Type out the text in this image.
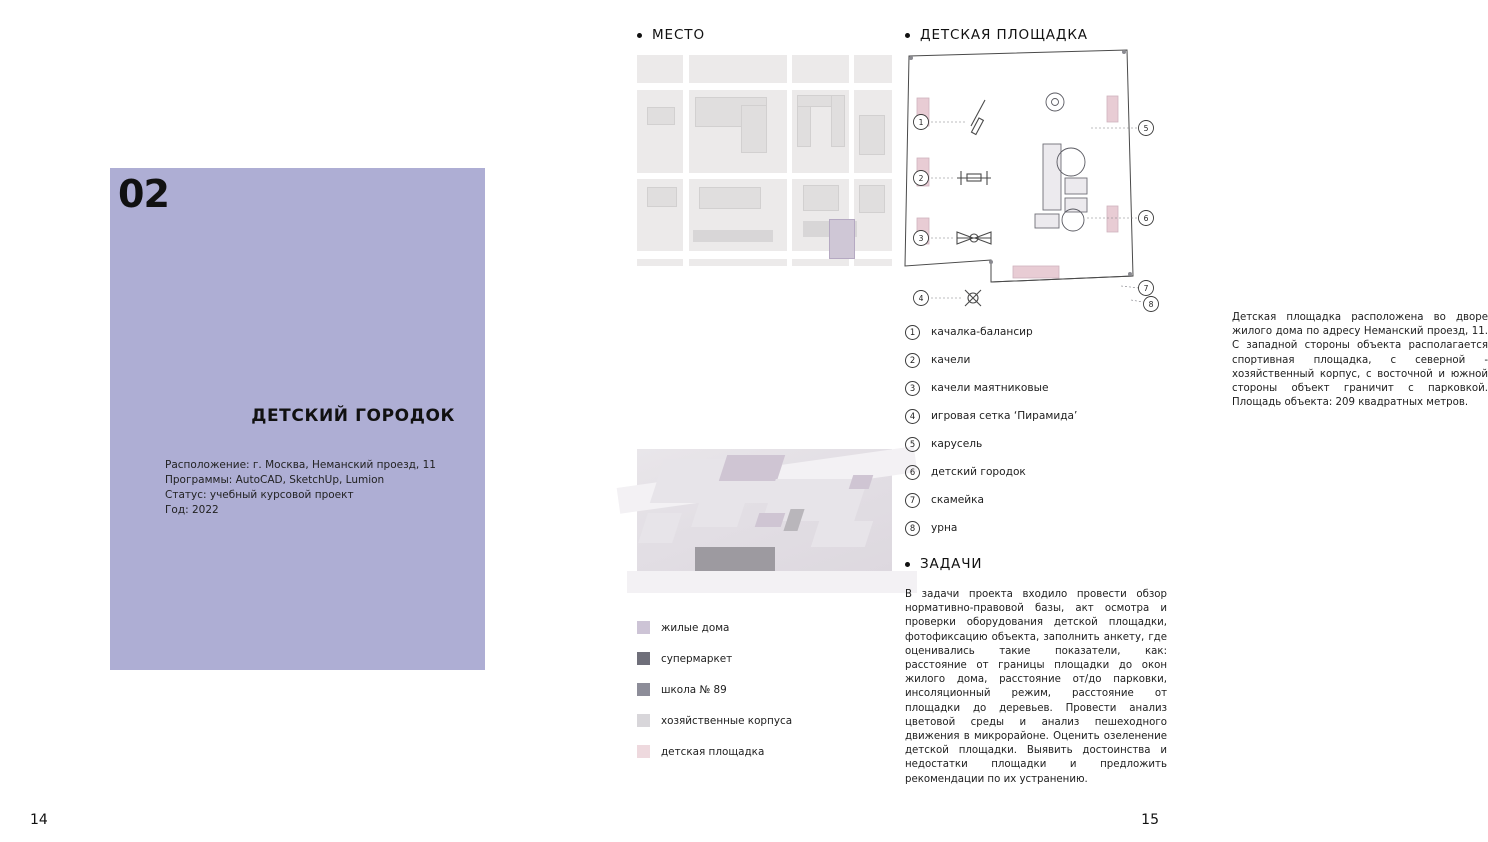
02
ДЕТСКИЙ ГОРОДОК
Расположение: г. Москва, Неманский проезд, 11
Программы: AutoCAD, SketchUp, Lumion
Статус: учебный курсовой проект
Год: 2022
14
МЕСТО
Детская площадка расположена во дворе жилого дома по адресу Неманский проезд, 11. С западной стороны объекта располагается спортивная площадка, с северной - хозяйственный корпус, с восточной и южной стороны объект граничит с парковкой. Площадь объекта: 209 квадратных метров.
жилые дома
супермаркет
школа № 89
хозяйственные корпуса
детская площадка
ДЕТСКАЯ ПЛОЩАДКА
1
2
3
4
5
6
7
8
1	качалка-балансир
2	качели
3	качели маятниковые
4	игровая сетка ‘Пирамида’
5	карусель
6	детский городок
7	скамейка
8	урна
ЗАДАЧИ
В задачи проекта входило провести обзор нормативно-правовой базы, акт осмотра и проверки оборудования детской площадки, фотофиксацию объекта, заполнить анкету, где оценивались такие показатели, как: расстояние от границы площадки до окон жилого дома, расстояние от/до парковки, инсоляционный режим, расстояние от площадки до деревьев. Провести анализ цветовой среды и анализ пешеходного движения в микрорайоне. Оценить озеленение детской площадки. Выявить достоинства и недостатки площадки и предложить рекомендации по их устранению.
15
